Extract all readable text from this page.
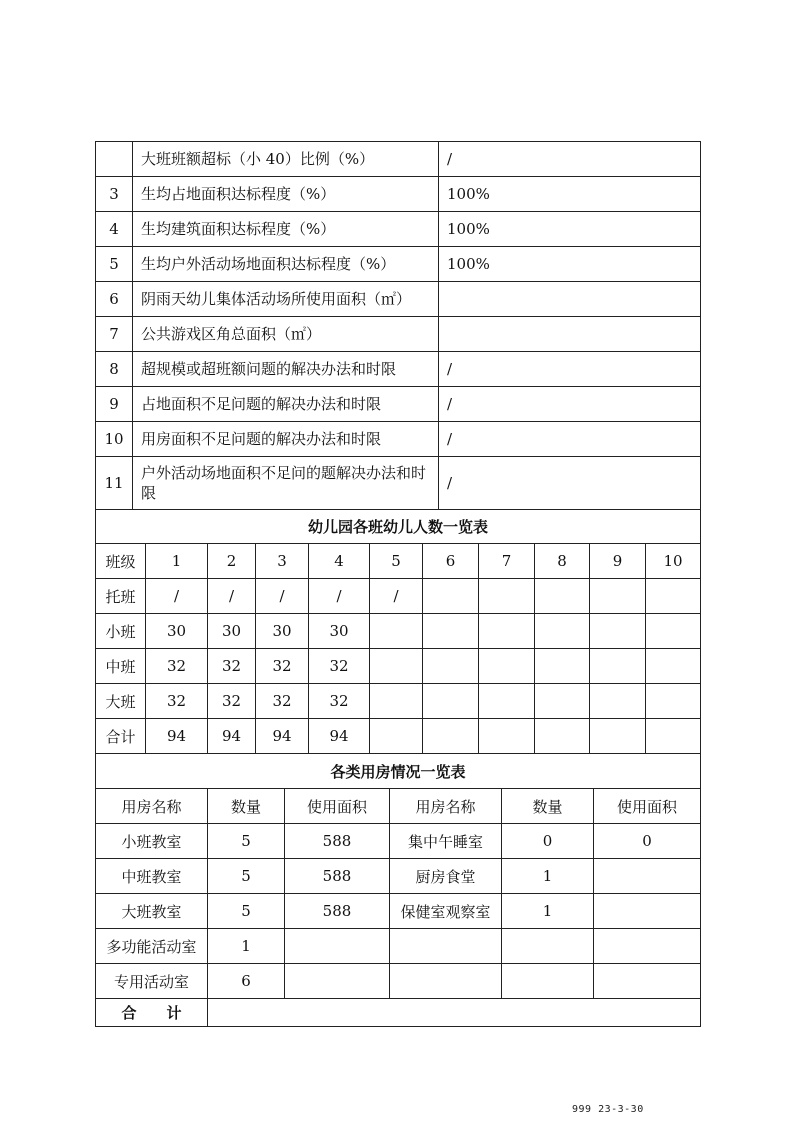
	大班班额超标（小 40）比例（%）	/
3	生均占地面积达标程度（%）	100%
4	生均建筑面积达标程度（%）	100%
5	生均户外活动场地面积达标程度（%）	100%
6	阴雨天幼儿集体活动场所使用面积（㎡）	
7	公共游戏区角总面积（㎡）	
8	超规模或超班额问题的解决办法和时限	/
9	占地面积不足问题的解决办法和时限	/
10	用房面积不足问题的解决办法和时限	/
11	户外活动场地面积不足问的题解决办法和时限	/
幼儿园各班幼儿人数一览表										
班级	1	2	3	4	5	6	7	8	9	10
托班	/	/	/	/	/					
小班	30	30	30	30						
中班	32	32	32	32						
大班	32	32	32	32						
合计	94	94	94	94						
各类用房情况一览表					
用房名称	数量	使用面积	用房名称	数量	使用面积
小班教室	5	588	集中午睡室	0	0
中班教室	5	588	厨房食堂	1	
大班教室	5	588	保健室观察室	1	
多功能活动室	1				
专用活动室	6				
合　　计					
999 23-3-30
